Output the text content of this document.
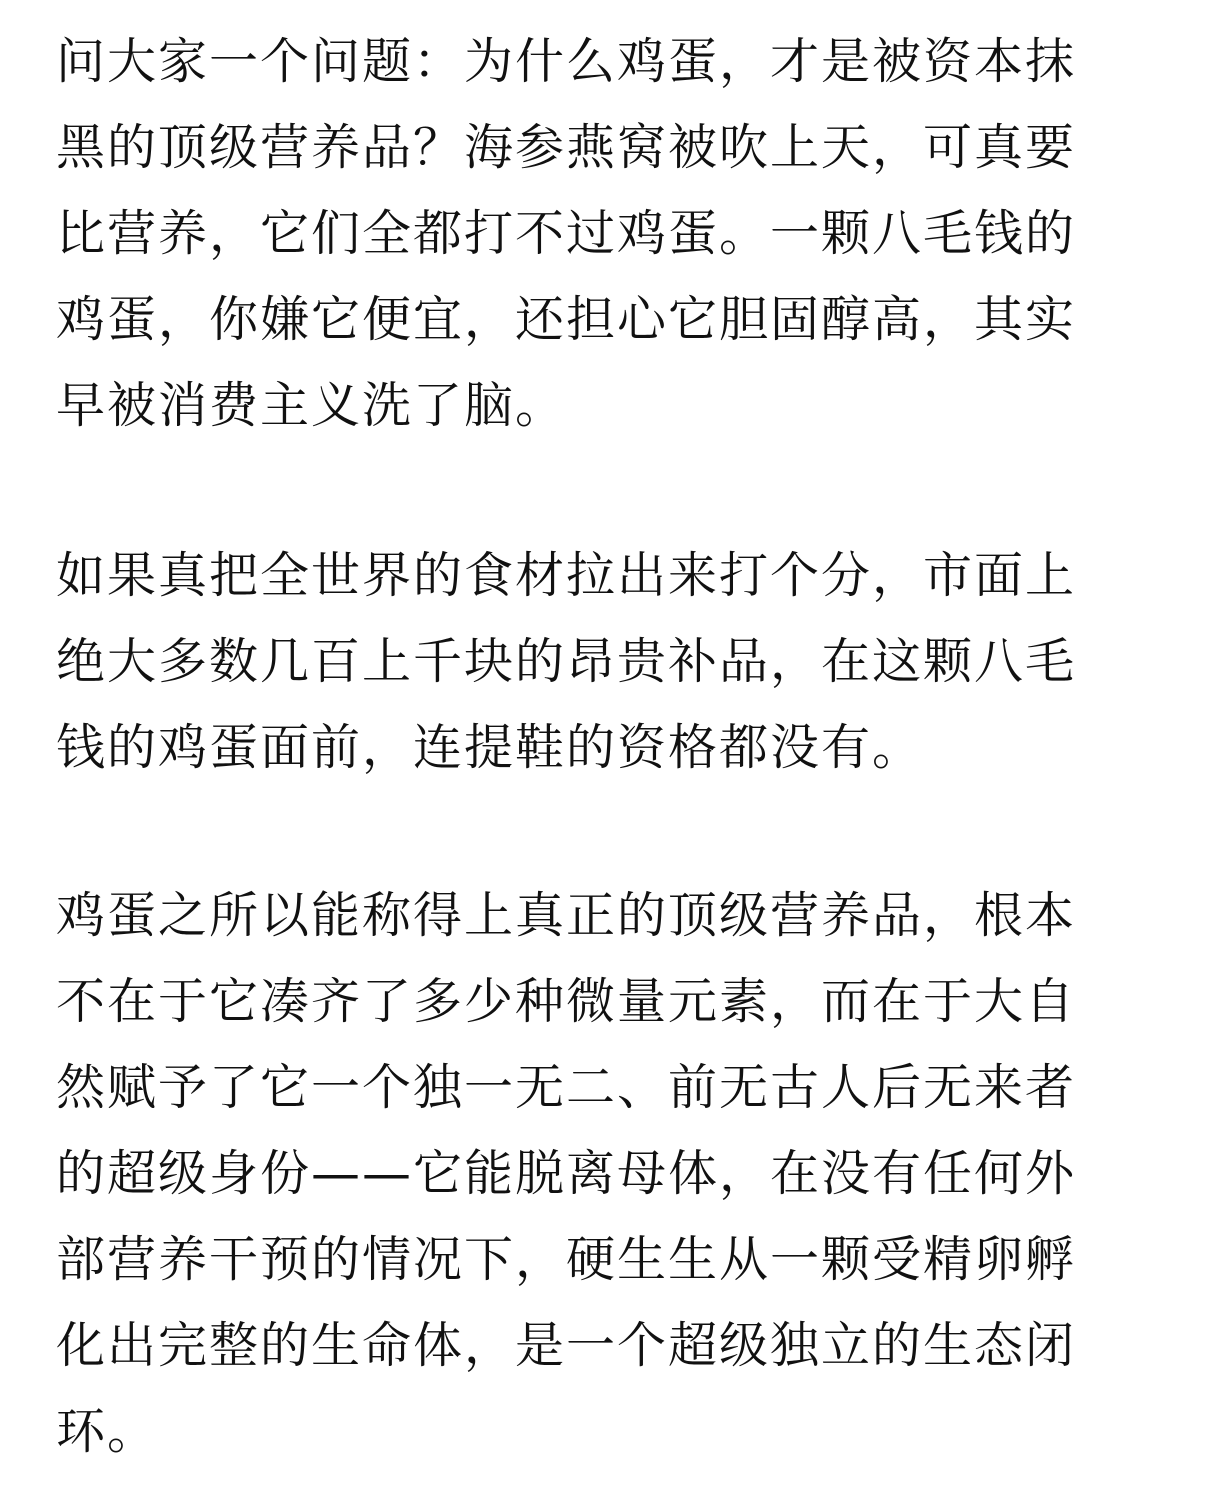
问大家一个问题：为什么鸡蛋，才是被资本抹
黑的顶级营养品？海参燕窝被吹上天，可真要
比营养，它们全都打不过鸡蛋。一颗八毛钱的
鸡蛋，你嫌它便宜，还担心它胆固醇高，其实
早被消费主义洗了脑。
如果真把全世界的食材拉出来打个分，市面上
绝大多数几百上千块的昂贵补品，在这颗八毛
钱的鸡蛋面前，连提鞋的资格都没有。
鸡蛋之所以能称得上真正的顶级营养品，根本
不在于它凑齐了多少种微量元素，而在于大自
然赋予了它一个独一无二、前无古人后无来者
的超级身份——它能脱离母体，在没有任何外
部营养干预的情况下，硬生生从一颗受精卵孵
化出完整的生命体，是一个超级独立的生态闭
环。
